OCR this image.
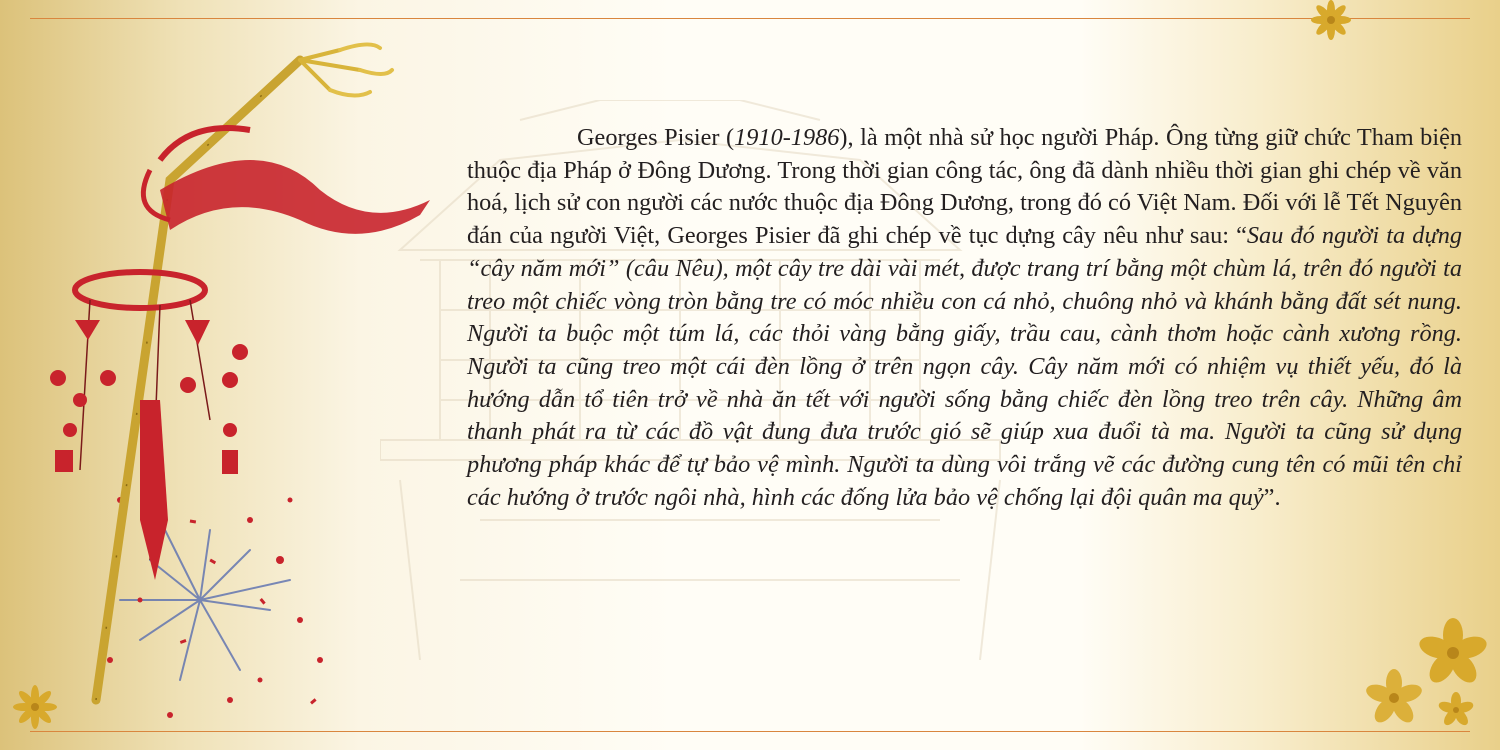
Georges Pisier (1910-1986), là một nhà sử học người Pháp. Ông từng giữ chức Tham biện thuộc địa Pháp ở Đông Dương. Trong thời gian công tác, ông đã dành nhiều thời gian ghi chép về văn hoá, lịch sử con người các nước thuộc địa Đông Dương, trong đó có Việt Nam. Đối với lễ Tết Nguyên đán của người Việt, Georges Pisier đã ghi chép về tục dựng cây nêu như sau: “Sau đó người ta dựng “cây năm mới” (câu Nêu), một cây tre dài vài mét, được trang trí bằng một chùm lá, trên đó người ta treo một chiếc vòng tròn bằng tre có móc nhiều con cá nhỏ, chuông nhỏ và khánh bằng đất sét nung. Người ta buộc một túm lá, các thỏi vàng bằng giấy, trầu cau, cành thơm hoặc cành xương rồng. Người ta cũng treo một cái đèn lồng ở trên ngọn cây. Cây năm mới có nhiệm vụ thiết yếu, đó là hướng dẫn tổ tiên trở về nhà ăn tết với người sống bằng chiếc đèn lồng treo trên cây. Những âm thanh phát ra từ các đồ vật đung đưa trước gió sẽ giúp xua đuổi tà ma. Người ta cũng sử dụng phương pháp khác để tự bảo vệ mình. Người ta dùng vôi trắng vẽ các đường cung tên có mũi tên chỉ các hướng ở trước ngôi nhà, hình các đống lửa bảo vệ chống lại đội quân ma quỷ”.
